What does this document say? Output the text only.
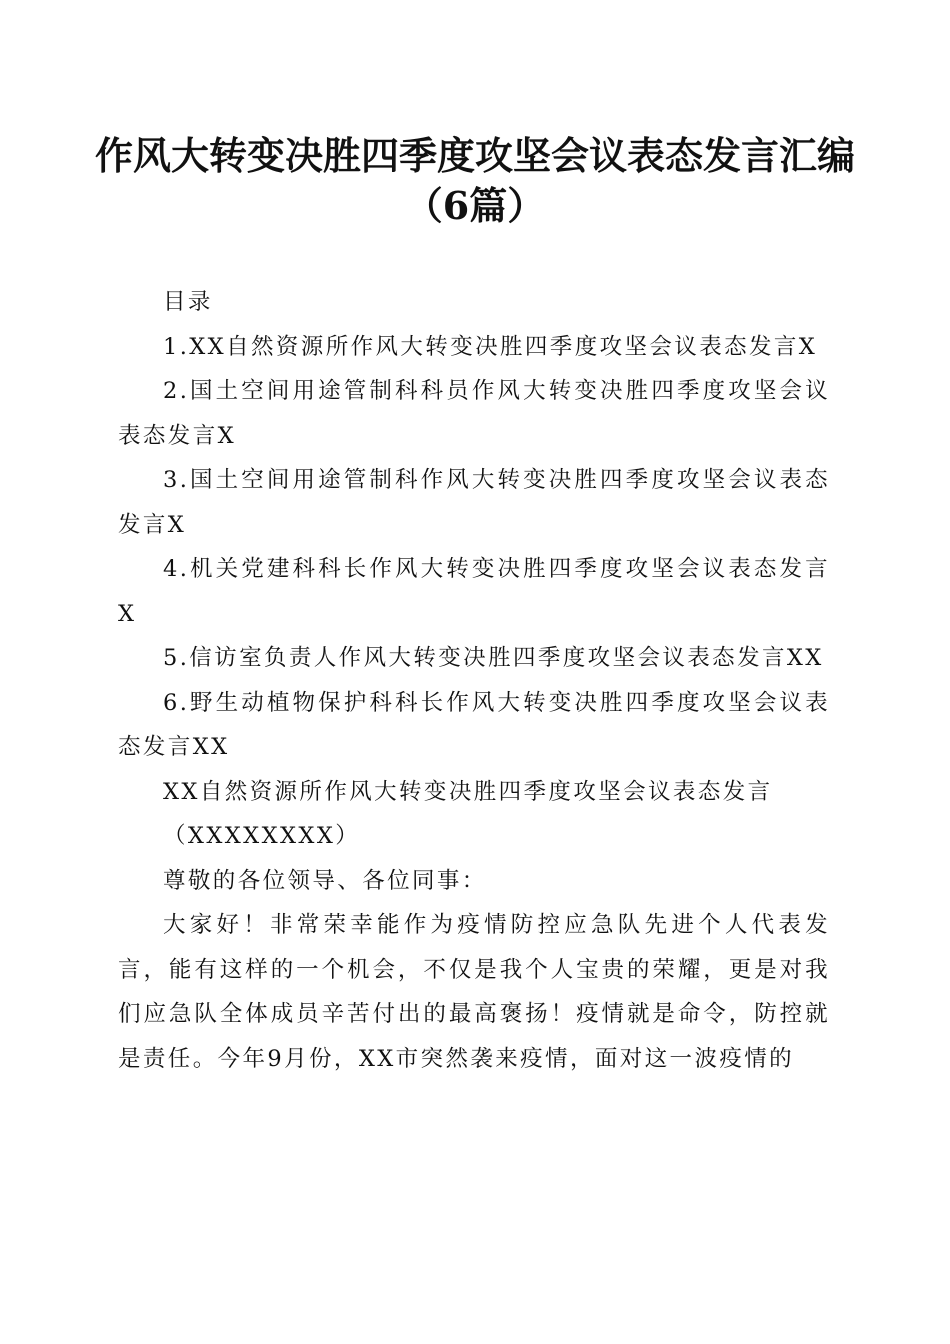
作风大转变决胜四季度攻坚会议表态发言汇编
（6篇）

目录

1.XX自然资源所作风大转变决胜四季度攻坚会议表态发言X

2.国土空间用途管制科科员作风大转变决胜四季度攻坚会议表态发言X

3.国土空间用途管制科作风大转变决胜四季度攻坚会议表态发言X

4.机关党建科科长作风大转变决胜四季度攻坚会议表态发言X

5.信访室负责人作风大转变决胜四季度攻坚会议表态发言XX

6.野生动植物保护科科长作风大转变决胜四季度攻坚会议表态发言XX

XX自然资源所作风大转变决胜四季度攻坚会议表态发言

（XXXXXXXX）

尊敬的各位领导、各位同事：

大家好！非常荣幸能作为疫情防控应急队先进个人代表发言，能有这样的一个机会，不仅是我个人宝贵的荣耀，更是对我们应急队全体成员辛苦付出的最高褒扬！疫情就是命令，防控就是责任。今年9月份，XX市突然袭来疫情，面对这一波疫情的
